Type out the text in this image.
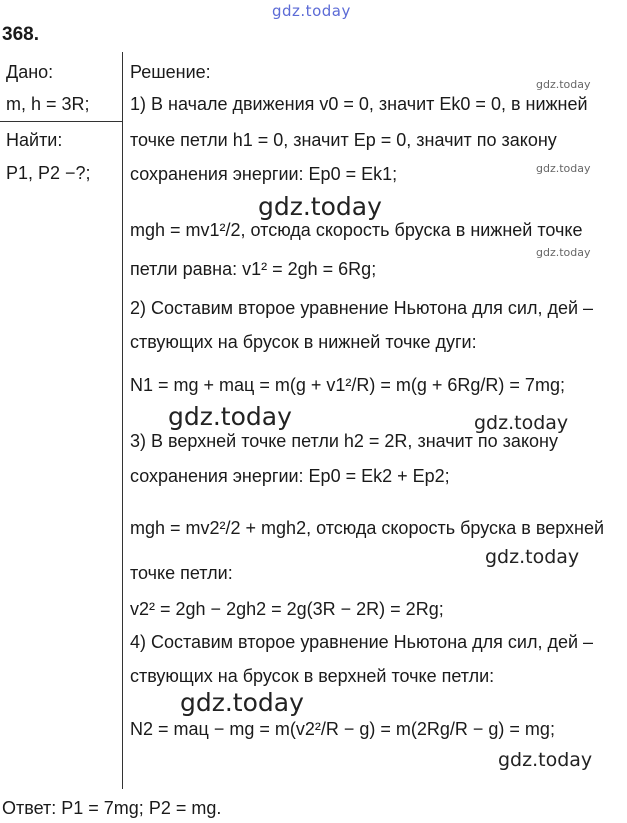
gdz.today
368.
Дано:
m, h = 3R;
Найти:
P1, P2 −?;
Решение:
1) В начале движения v0 = 0, значит Ek0 = 0, в нижней
точке петли h1 = 0, значит Ep = 0, значит по закону
сохранения энергии: Ep0 = Ek1;
mgh = mv1²/2, отсюда скорость бруска в нижней точке
петли равна: v1² = 2gh = 6Rg;
2) Составим второе уравнение Ньютона для сил, дей –
ствующих на брусок в нижней точке дуги:
N1 = mg + maц = m(g + v1²/R) = m(g + 6Rg/R) = 7mg;
3) В верхней точке петли h2 = 2R, значит по закону
сохранения энергии: Ep0 = Ek2 + Ep2;
mgh = mv2²/2 + mgh2, отсюда скорость бруска в верхней
точке петли:
v2² = 2gh − 2gh2 = 2g(3R − 2R) = 2Rg;
4) Составим второе уравнение Ньютона для сил, дей –
ствующих на брусок в верхней точке петли:
N2 = maц − mg = m(v2²/R − g) = m(2Rg/R − g) = mg;
gdz.today
gdz.today
gdz.today
gdz.today
gdz.today	gdz.today
gdz.today
gdz.today
gdz.today
Ответ: P1 = 7mg; P2 = mg.
